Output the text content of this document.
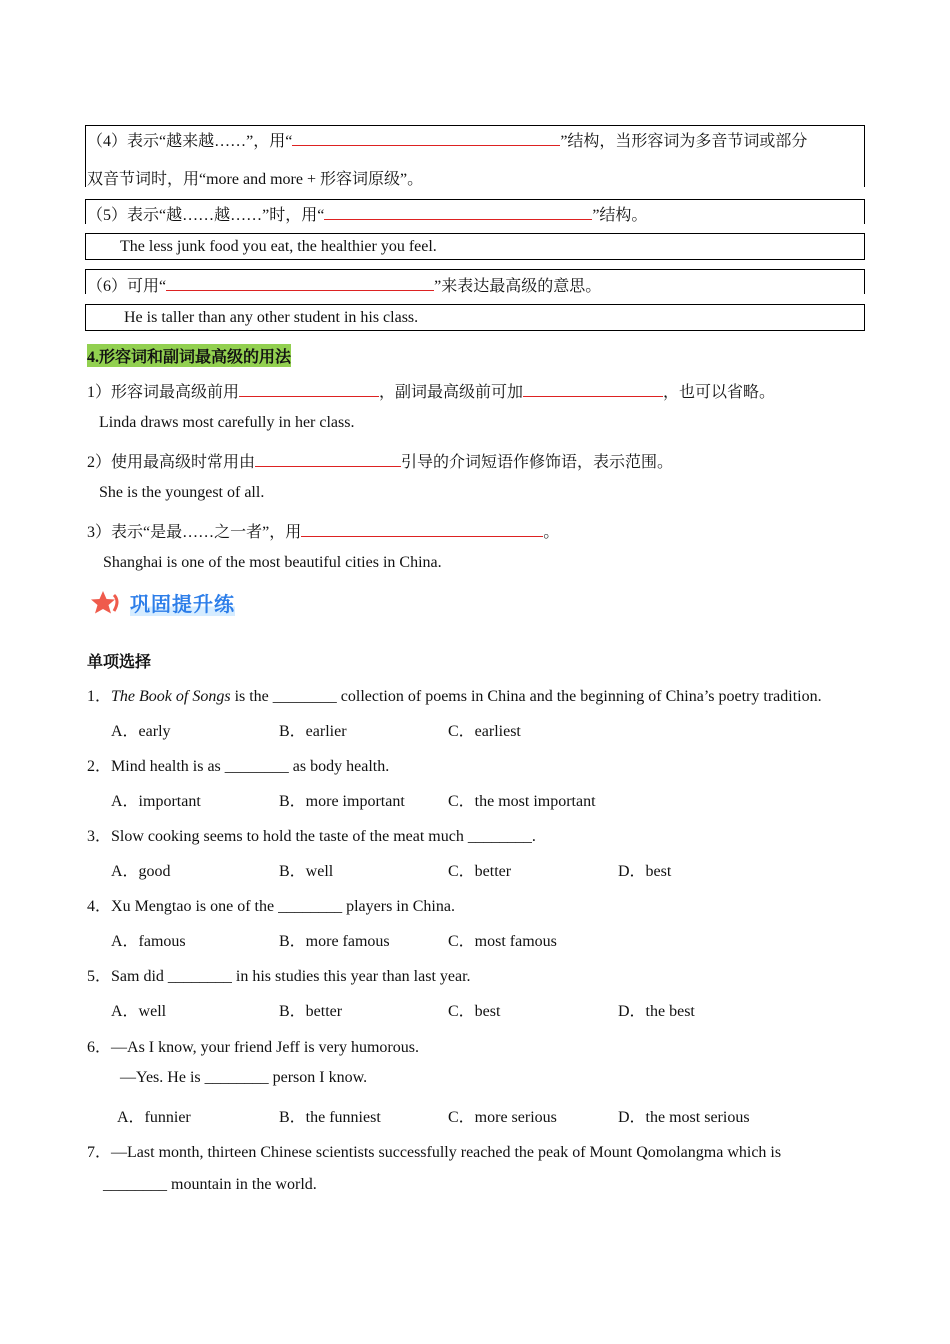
（4）表示“越来越……”，用“	”结构，当形容词为多音节词或部分
双音节词时，用“more and more + 形容词原级”。
（5）表示“越……越……”时，用“	”结构。
The less junk food you eat, the healthier you feel.
（6）可用“	”来表达最高级的意思。
He is taller than any other student in his class.
4.形容词和副词最高级的用法
1）形容词最高级前用	，副词最高级前可加	，也可以省略。
Linda draws most carefully in her class.
2）使用最高级时常用由	引导的介词短语作修饰语，表示范围。
She is the youngest of all.
3）表示“是最……之一者”，用	。
Shanghai is one of the most beautiful cities in China.
巩固提升练
单项选择
1．The Book of Songs is the ________ collection of poems in China and the beginning of China’s poetry tradition.
A．early	B．earlier	C．earliest
2．Mind health is as ________ as body health.
A．important	B．more important	C．the most important
3．Slow cooking seems to hold the taste of the meat much ________.
A．good	B．well	C．better	D．best
4．Xu Mengtao is one of the ________ players in China.
A．famous	B．more famous	C．most famous
5．Sam did ________ in his studies this year than last year.
A．well	B．better	C．best	D．the best
6．—As I know, your friend Jeff is very humorous.
—Yes. He is ________ person I know.
A．funnier	B．the funniest	C．more serious	D．the most serious
7．—Last month, thirteen Chinese scientists successfully reached the peak of Mount Qomolangma which is
________ mountain in the world.
